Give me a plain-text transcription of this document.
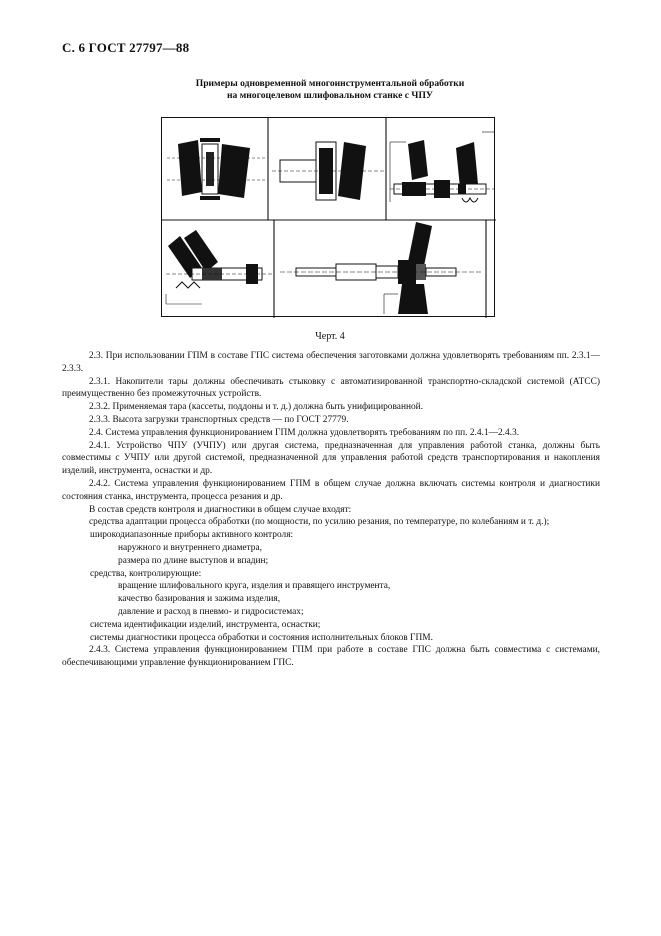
С. 6 ГОСТ 27797—88
Примеры одновременной многоинструментальной обработки
на многоцелевом шлифовальном станке с ЧПУ
Черт. 4

2.3. При использовании ГПМ в составе ГПС система обеспечения заготовками должна удовлетворять требованиям пп. 2.3.1—2.3.3.

2.3.1. Накопители тары должны обеспечивать стыковку с автоматизированной транспортно-складской системой (АТСС) преимущественно без промежуточных устройств.

2.3.2. Применяемая тара (кассеты, поддоны и т. д.) должна быть унифицированной.

2.3.3. Высота загрузки транспортных средств — по ГОСТ 27779.

2.4. Система управления функционированием ГПМ должна удовлетворять требованиям по пп. 2.4.1—2.4.3.

2.4.1. Устройство ЧПУ (УЧПУ) или другая система, предназначенная для управления работой станка, должны быть совместимы с УЧПУ или другой системой, предназначенной для управления работой средств транспортирования и накопления изделий, инструмента, оснастки и др.

2.4.2. Система управления функционированием ГПМ в общем случае должна включать системы контроля и диагностики состояния станка, инструмента, процесса резания и др.

В состав средств контроля и диагностики в общем случае входят:

средства адаптации процесса обработки (по мощности, по усилию резания, по температуре, по колебаниям и т. д.);

широкодиапазонные приборы активного контроля:

наружного и внутреннего диаметра,

размера по длине выступов и впадин;

средства, контролирующие:

вращение шлифовального круга, изделия и правящего инструмента,

качество базирования и зажима изделия,

давление и расход в пневмо- и гидросистемах;

система идентификации изделий, инструмента, оснастки;

системы диагностики процесса обработки и состояния исполнительных блоков ГПМ.

2.4.3. Система управления функционированием ГПМ при работе в составе ГПС должна быть совместима с системами, обеспечивающими управление функционированием ГПС.
